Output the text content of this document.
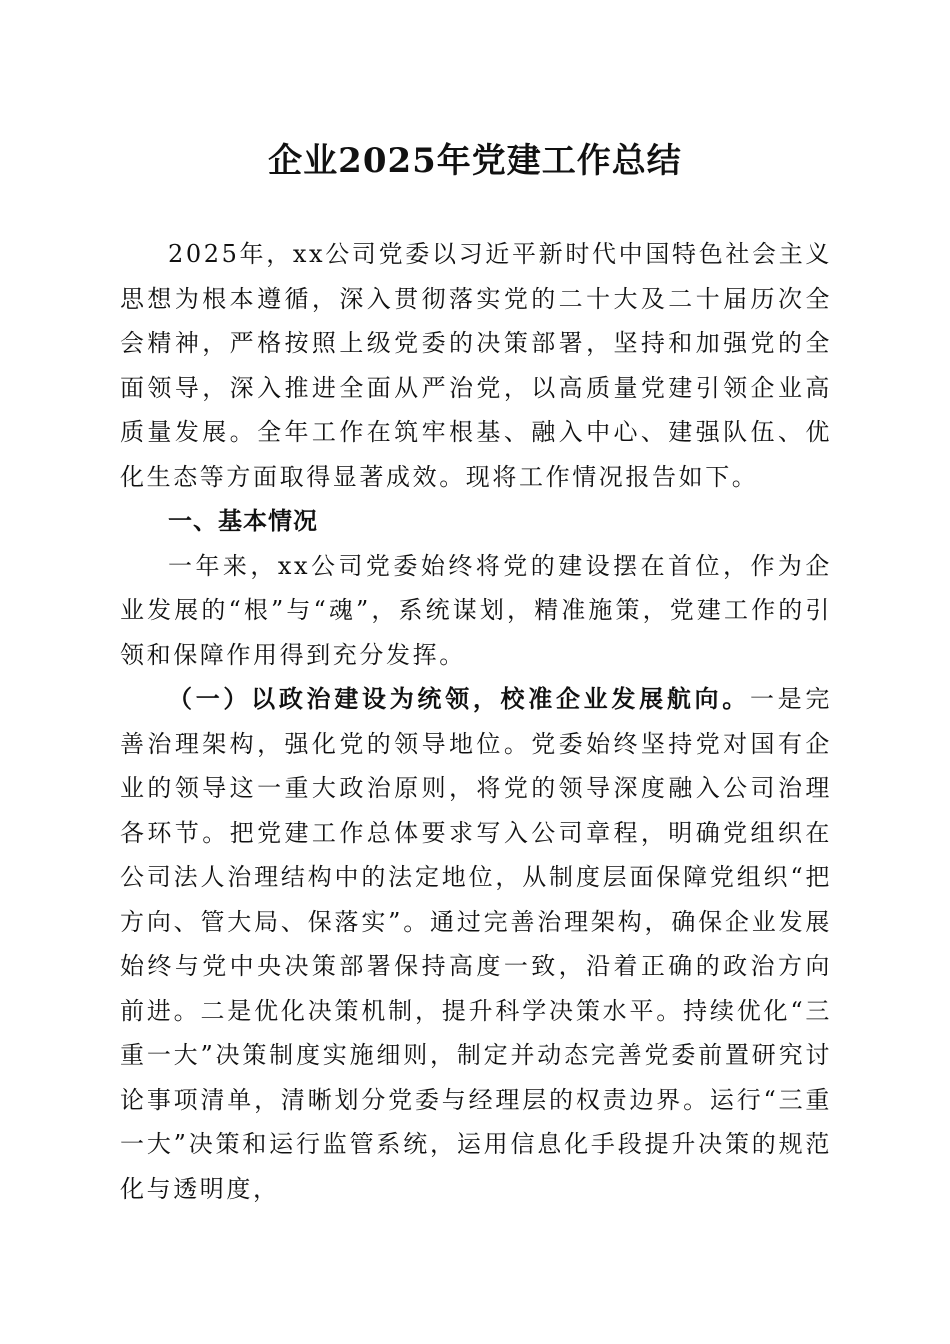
企业2025年党建工作总结

2025年，xx公司党委以习近平新时代中国特色社会主义思想为根本遵循，深入贯彻落实党的二十大及二十届历次全会精神，严格按照上级党委的决策部署，坚持和加强党的全面领导，深入推进全面从严治党，以高质量党建引领企业高质量发展。全年工作在筑牢根基、融入中心、建强队伍、优化生态等方面取得显著成效。现将工作情况报告如下。

一、基本情况

一年来，xx公司党委始终将党的建设摆在首位，作为企业发展的“根”与“魂”，系统谋划，精准施策，党建工作的引领和保障作用得到充分发挥。

（一）以政治建设为统领，校准企业发展航向。一是完善治理架构，强化党的领导地位。党委始终坚持党对国有企业的领导这一重大政治原则，将党的领导深度融入公司治理各环节。把党建工作总体要求写入公司章程，明确党组织在公司法人治理结构中的法定地位，从制度层面保障党组织“把方向、管大局、保落实”。通过完善治理架构，确保企业发展始终与党中央决策部署保持高度一致，沿着正确的政治方向前进。二是优化决策机制，提升科学决策水平。持续优化“三重一大”决策制度实施细则，制定并动态完善党委前置研究讨论事项清单，清晰划分党委与经理层的权责边界。运行“三重一大”决策和运行监管系统，运用信息化手段提升决策的规范化与透明度，
